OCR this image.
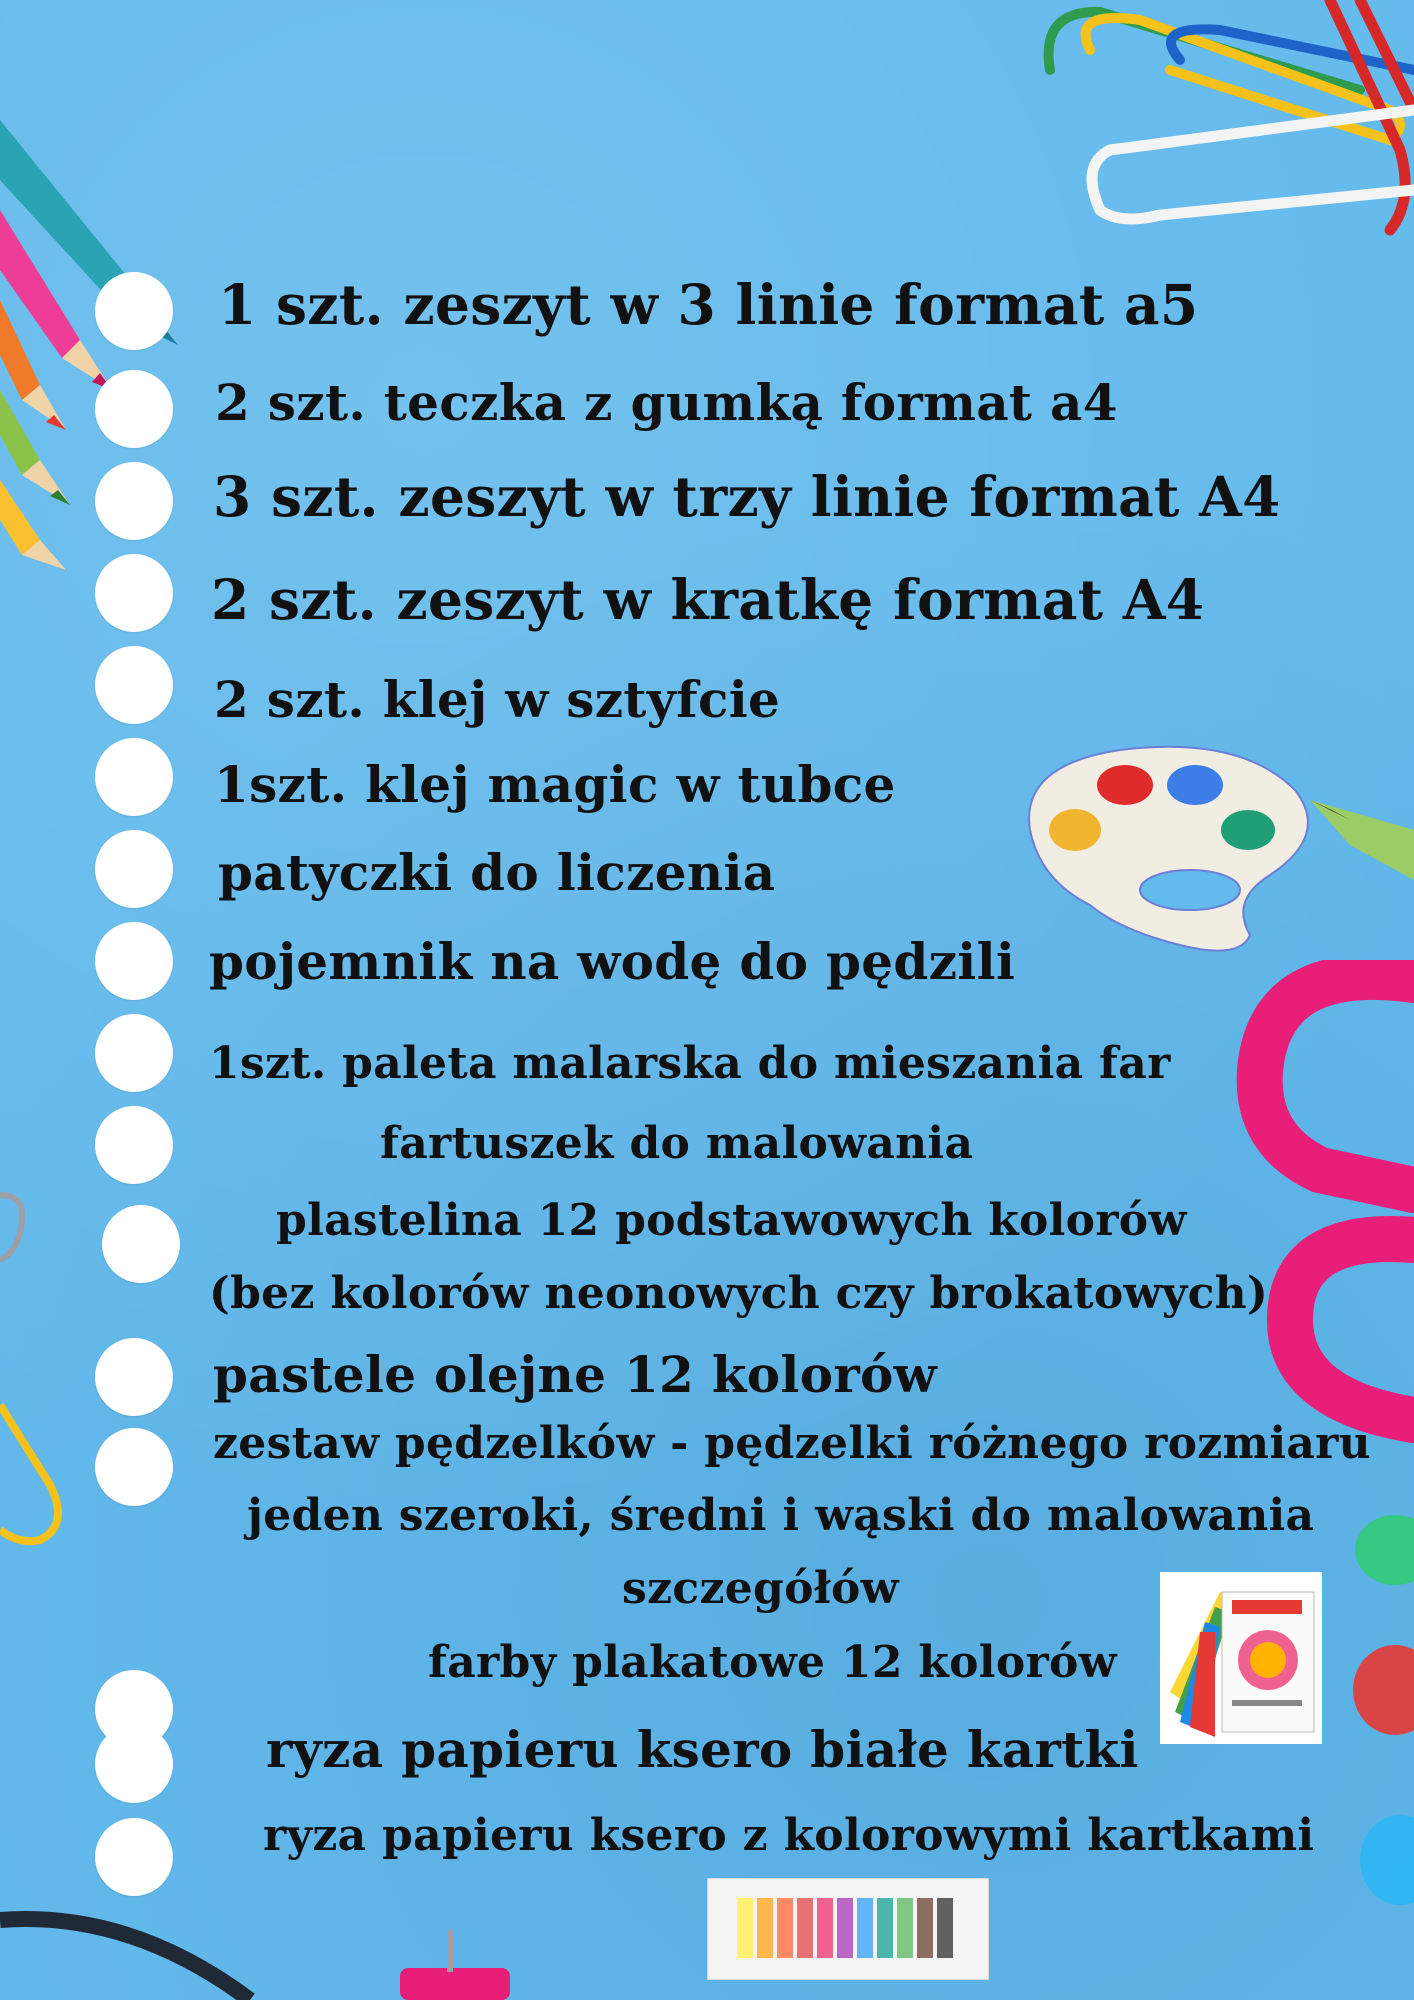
1 szt. zeszyt w 3 linie format a5
2 szt. teczka z gumką format a4
3 szt. zeszyt w trzy linie format A4
2 szt. zeszyt w kratkę format A4
2 szt. klej w sztyfcie
1szt. klej magic w tubce
patyczki do liczenia
pojemnik na wodę do pędzili
1szt. paleta malarska do mieszania far
fartuszek do malowania
plastelina 12 podstawowych kolorów
(bez kolorów neonowych czy brokatowych)
pastele olejne 12 kolorów
zestaw pędzelków - pędzelki różnego rozmiaru
jeden szeroki, średni i wąski do malowania
szczegółów
farby plakatowe 12 kolorów
ryza papieru ksero białe kartki
ryza papieru ksero z kolorowymi kartkami
